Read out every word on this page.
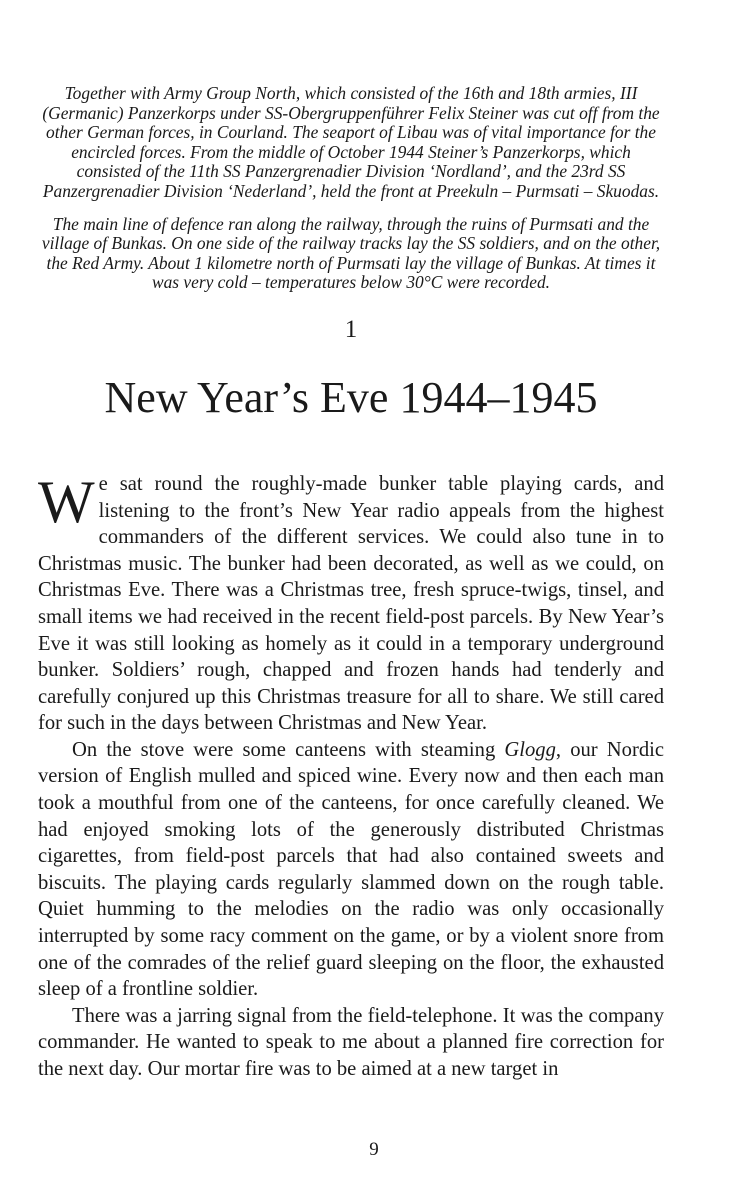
Together with Army Group North, which consisted of the 16th and 18th armies, III (Germanic) Panzerkorps under SS-Obergruppenführer Felix Steiner was cut off from the other German forces, in Courland. The seaport of Libau was of vital importance for the encircled forces. From the middle of October 1944 Steiner’s Panzerkorps, which consisted of the 11th SS Panzergrenadier Division ‘Nordland’, and the 23rd SS Panzergrenadier Division ‘Nederland’, held the front at Preekuln – Purmsati – Skuodas.

The main line of defence ran along the railway, through the ruins of Purmsati and the village of Bunkas. On one side of the railway tracks lay the SS soldiers, and on the other, the Red Army. About 1 kilometre north of Purmsati lay the village of Bunkas. At times it was very cold – temperatures below 30°C were recorded.

1
New Year’s Eve 1944–1945

We sat round the roughly-made bunker table playing cards, and listening to the front’s New Year radio appeals from the highest commanders of the different services. We could also tune in to Christmas music. The bunker had been decorated, as well as we could, on Christmas Eve. There was a Christmas tree, fresh spruce-twigs, tinsel, and small items we had received in the recent field-post parcels. By New Year’s Eve it was still looking as homely as it could in a temporary underground bunker. Soldiers’ rough, chapped and frozen hands had tenderly and carefully conjured up this Christmas treasure for all to share. We still cared for such in the days between Christmas and New Year.

On the stove were some canteens with steaming Glogg, our Nordic version of English mulled and spiced wine. Every now and then each man took a mouthful from one of the canteens, for once carefully cleaned. We had enjoyed smoking lots of the generously distributed Christmas cigarettes, from field-post parcels that had also contained sweets and biscuits. The playing cards regularly slammed down on the rough table. Quiet humming to the melodies on the radio was only occasionally interrupted by some racy comment on the game, or by a violent snore from one of the comrades of the relief guard sleeping on the floor, the exhausted sleep of a frontline soldier.

There was a jarring signal from the field-telephone. It was the company commander. He wanted to speak to me about a planned fire correction for the next day. Our mortar fire was to be aimed at a new target in

9
